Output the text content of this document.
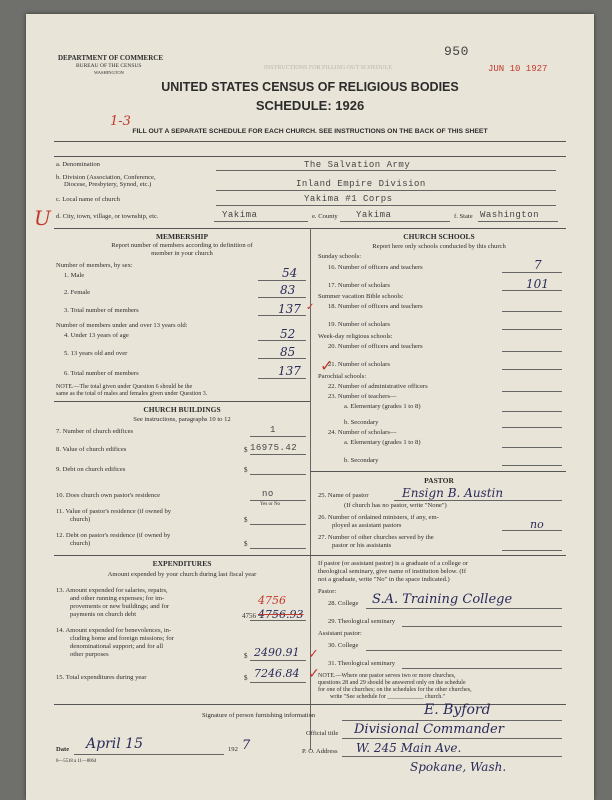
INSTRUCTIONS FOR FILLING OUT SCHEDULE
DEPARTMENT OF COMMERCE
BUREAU OF THE CENSUS
WASHINGTON
950
JUN 10 1927
UNITED STATES CENSUS OF RELIGIOUS BODIES
SCHEDULE: 1926
1-3
FILL OUT A SEPARATE SCHEDULE FOR EACH CHURCH. SEE INSTRUCTIONS ON THE BACK OF THIS SHEET
a. Denomination	The Salvation Army
b. Division (Association, Conference,
Diocese, Presbytery, Synod, etc.)	Inland Empire Division
c. Local name of church	Yakima #1 Corps
U d. City, town, village, or township, etc.	Yakima	e. County Yakima	f. State Washington
MEMBERSHIP
Report number of members according to definition of
member in your church
Number of members, by sex:
1. Male	54
2. Female	83
3. Total number of members	137 ✓
Number of members under and over 13 years old:
4. Under 13 years of age	52
5. 13 years old and over	85
6. Total number of members	137 ✓
NOTE.—The total given under Question 6 should be the
same as the total of males and females given under Question 3.
CHURCH BUILDINGS
See instructions, paragraphs 10 to 12
7. Number of church edifices	1
8. Value of church edifices	$ 16975.42
9. Debt on church edifices	$
10. Does church own pastor's residence	no
Yes or No
11. Value of pastor's residence (if owned by
church)	$
12. Debt on pastor's residence (if owned by
church)	$
EXPENDITURES
Amount expended by your church during last fiscal year
13. Amount expended for salaries, repairs,
and other running expenses; for im-
provements or new buildings; and for
payments on church debt
4756
4756 4756.93
14. Amount expended for benevolences, in-
cluding home and foreign missions; for
denominational support; and for all
other purposes	$ 2490.91 ✓
15. Total expenditures during year	$ 7246.84 ✓
CHURCH SCHOOLS
Report here only schools conducted by this church
Sunday schools:
16. Number of officers and teachers	7
17. Number of scholars	101
Summer vacation Bible schools:
18. Number of officers and teachers
19. Number of scholars
Week-day religious schools:
20. Number of officers and teachers
21. Number of scholars
Parochial schools:
22. Number of administrative officers
23. Number of teachers—
a. Elementary (grades 1 to 8)
b. Secondary
24. Number of scholars—
a. Elementary (grades 1 to 8)
b. Secondary
PASTOR
25. Name of pastor	Ensign B. Austin
(If church has no pastor, write "None")
26. Number of ordained ministers, if any, em-
ployed as assistant pastors	no
27. Number of other churches served by the
pastor or his assistants
If pastor (or assistant pastor) is a graduate of a college or
theological seminary, give name of institution below. (If
not a graduate, write "No" in the space indicated.)
Pastor:
28. College S.A. Training College
29. Theological seminary
Assistant pastor:
30. College
31. Theological seminary
NOTE.—Where one pastor serves two or more churches,
questions 28 and 29 should be answered only on the schedule
for one of the churches; on the schedules for the other churches,
write "See schedule for ____________ church."
Signature of person furnishing information	E. Byford
Official title Divisional Commander
P. O. Address W. 245 Main Ave.
Spokane, Wash.
Date April 15	192 7
6—5518 a 11—8064
